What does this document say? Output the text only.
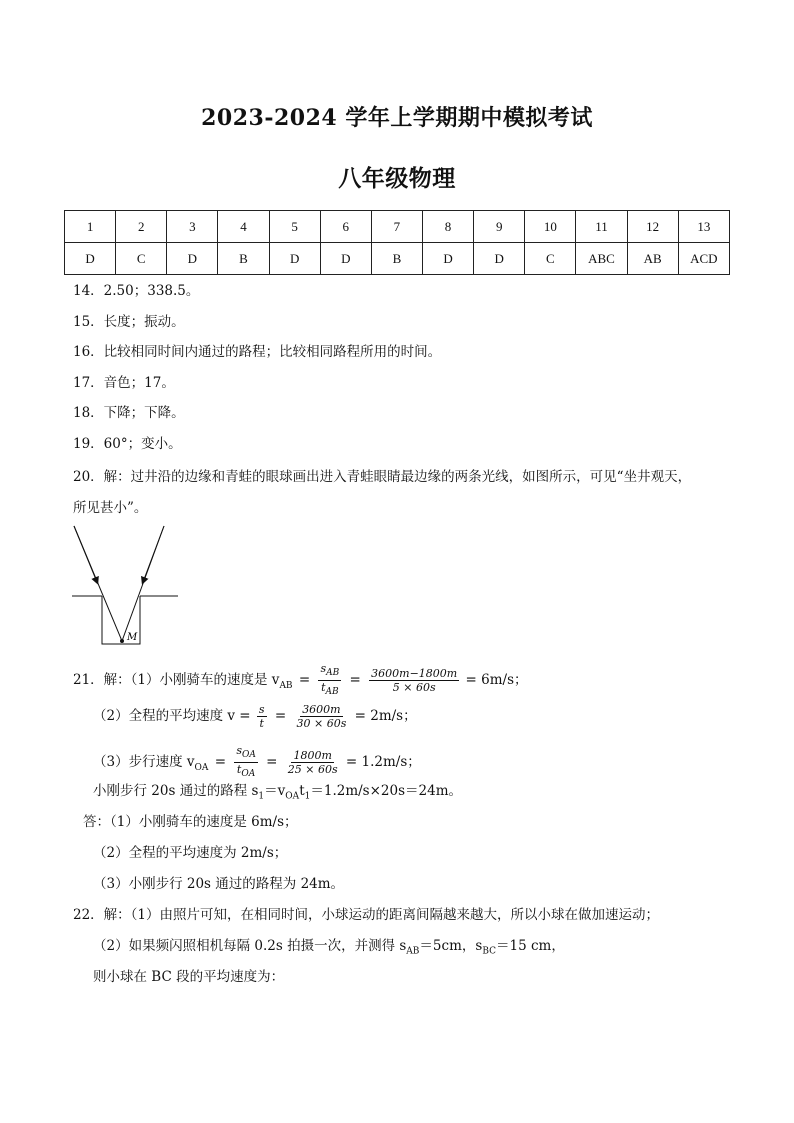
2023-2024 学年上学期期中模拟考试
八年级物理
1	2	3	4	5	6	7	8	9	10	11	12	13
D	C	D	B	D	D	B	D	D	C	ABC	AB	ACD
14．2.50；338.5。
15．长度；振动。
16．比较相同时间内通过的路程；比较相同路程所用的时间。
17．音色；17。
18．下降；下降。
19．60°；变小。
20．解：过井沿的边缘和青蛙的眼球画出进入青蛙眼睛最边缘的两条光线，如图所示，可见“坐井观天，
所见甚小”。
M
21．解：（1）小刚骑车的速度是 $v_{AB} = \frac{s_{AB}}{t_{AB}} = \frac{3600m-1800m}{5 \times 60s} = 6m/s$；
（2）全程的平均速度 $v = \frac{s}{t} = \frac{3600m}{30 \times 60s} = 2m/s$；
（3）步行速度 $v_{OA} = \frac{s_{OA}}{t_{OA}} = \frac{1800m}{25 \times 60s} = 1.2m/s$；
小刚步行 20s 通过的路程 $s_1=v_{OA}t_1=1.2m/s\times 20s=24m$。
答：（1）小刚骑车的速度是 6m/s；
（2）全程的平均速度为 2m/s；
（3）小刚步行 20s 通过的路程为 24m。
22．解：（1）由照片可知，在相同时间，小球运动的距离间隔越来越大，所以小球在做加速运动；
（2）如果频闪照相机每隔 0.2s 拍摄一次，并测得 $s_{AB}=5cm$，$s_{BC}=15$ cm，
则小球在 BC 段的平均速度为：
